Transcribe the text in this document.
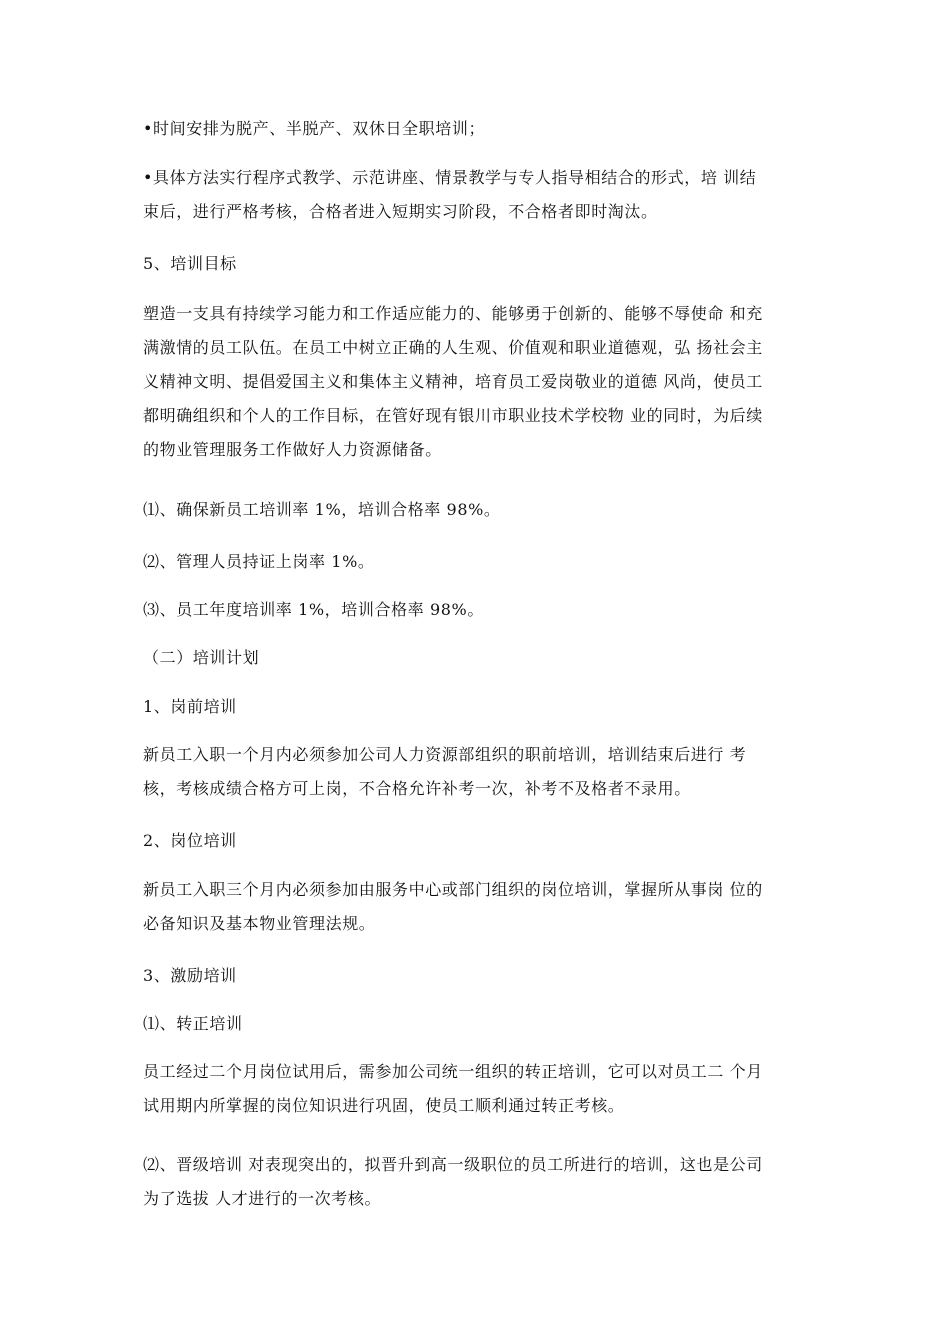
•时间安排为脱产、半脱产、双休日全职培训；
•具体方法实行程序式教学、示范讲座、情景教学与专人指导相结合的形式，培 训结
束后，进行严格考核，合格者进入短期实习阶段，不合格者即时淘汰。
5、培训目标
塑造一支具有持续学习能力和工作适应能力的、能够勇于创新的、能够不辱使命 和充
满激情的员工队伍。在员工中树立正确的人生观、价值观和职业道德观，弘 扬社会主
义精神文明、提倡爱国主义和集体主义精神，培育员工爱岗敬业的道德 风尚，使员工
都明确组织和个人的工作目标，在管好现有银川市职业技术学校物 业的同时，为后续
的物业管理服务工作做好人力资源储备。
⑴、确保新员工培训率 1%，培训合格率 98%。
⑵、管理人员持证上岗率 1%。
⑶、员工年度培训率 1%，培训合格率 98%。
（二）培训计划
1、岗前培训
新员工入职一个月内必须参加公司人力资源部组织的职前培训，培训结束后进行 考
核，考核成绩合格方可上岗，不合格允许补考一次，补考不及格者不录用。
2、岗位培训
新员工入职三个月内必须参加由服务中心或部门组织的岗位培训，掌握所从事岗 位的
必备知识及基本物业管理法规。
3、激励培训
⑴、转正培训
员工经过二个月岗位试用后，需参加公司统一组织的转正培训，它可以对员工二 个月
试用期内所掌握的岗位知识进行巩固，使员工顺利通过转正考核。
⑵、晋级培训 对表现突出的，拟晋升到高一级职位的员工所进行的培训，这也是公司
为了选拔 人才进行的一次考核。
